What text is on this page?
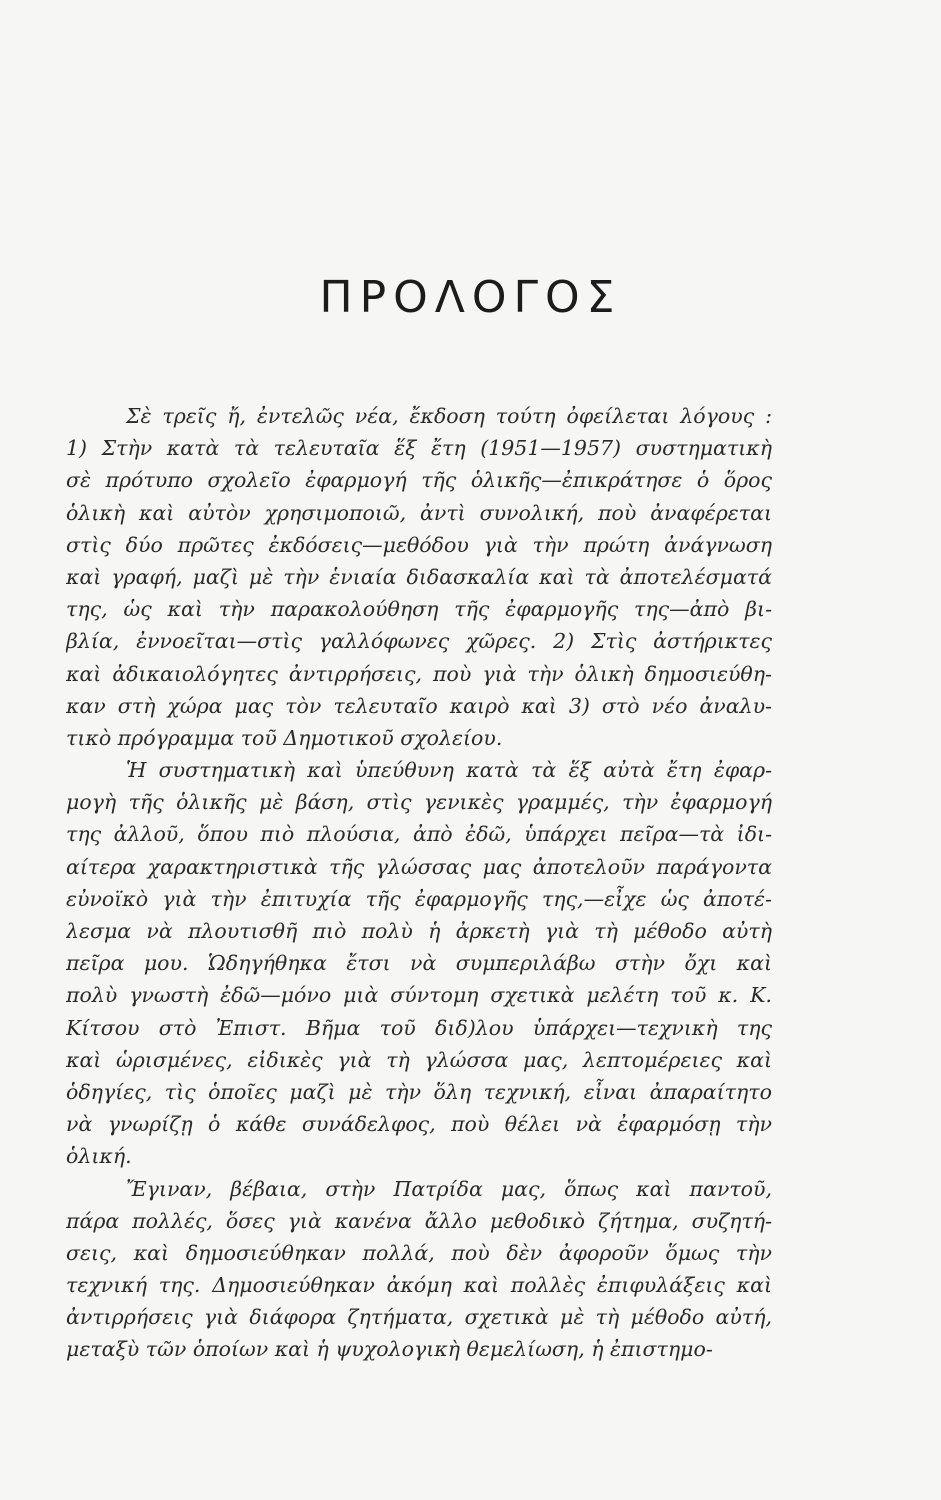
ΠΡΟΛΟΓΟΣ
Σὲ τρεῖς ἤ, ἐντελῶς νέα, ἔκδοση τούτη ὀφείλεται λόγους :
1) Στὴν κατὰ τὰ τελευταῖα ἕξ ἔτη (1951—1957) συστηματικὴ
σὲ πρότυπο σχολεῖο ἐφαρμογή τῆς ὁλικῆς—ἐπικράτησε ὁ ὅρος
ὁλικὴ καὶ αὐτὸν χρησιμοποιῶ, ἀντὶ συνολική, ποὺ ἀναφέρεται
στὶς δύο πρῶτες ἐκδόσεις—μεθόδου γιὰ τὴν πρώτη ἀνάγνωση
καὶ γραφή, μαζὶ μὲ τὴν ἑνιαία διδασκαλία καὶ τὰ ἀποτελέσματά
της, ὡς καὶ τὴν παρακολούθηση τῆς ἐφαρμογῆς της—ἀπὸ βι-
βλία, ἐννοεῖται—στὶς γαλλόφωνες χῶρες. 2) Στὶς ἀστήρικτες
καὶ ἀδικαιολόγητες ἀντιρρήσεις, ποὺ γιὰ τὴν ὁλικὴ δημοσιεύθη-
καν στὴ χώρα μας τὸν τελευταῖο καιρὸ καὶ 3) στὸ νέο ἀναλυ-
τικὸ πρόγραμμα τοῦ Δημοτικοῦ σχολείου.
Ἡ συστηματικὴ καὶ ὑπεύθυνη κατὰ τὰ ἕξ αὐτὰ ἔτη ἐφαρ-
μογὴ τῆς ὁλικῆς μὲ βάση, στὶς γενικὲς γραμμές, τὴν ἐφαρμογή
της ἀλλοῦ, ὅπου πιὸ πλούσια, ἀπὸ ἐδῶ, ὑπάρχει πεῖρα—τὰ ἰδι-
αίτερα χαρακτηριστικὰ τῆς γλώσσας μας ἀποτελοῦν παράγοντα
εὐνοϊκὸ γιὰ τὴν ἐπιτυχία τῆς ἐφαρμογῆς της,—εἶχε ὡς ἀποτέ-
λεσμα νὰ πλουτισθῆ πιὸ πολὺ ἡ ἀρκετὴ γιὰ τὴ μέθοδο αὐτὴ
πεῖρα μου. Ὡδηγήθηκα ἔτσι νὰ συμπεριλάβω στὴν ὄχι καὶ
πολὺ γνωστὴ ἐδῶ—μόνο μιὰ σύντομη σχετικὰ μελέτη τοῦ κ. Κ.
Κίτσου στὸ Ἐπιστ. Βῆμα τοῦ διδ)λου ὑπάρχει—τεχνικὴ της
καὶ ὡρισμένες, εἰδικὲς γιὰ τὴ γλώσσα μας, λεπτομέρειες καὶ
ὁδηγίες, τὶς ὁποῖες μαζὶ μὲ τὴν ὅλη τεχνική, εἶναι ἀπαραίτητο
νὰ γνωρίζῃ ὁ κάθε συνάδελφος, ποὺ θέλει νὰ ἐφαρμόσῃ τὴν
ὁλική.
Ἔγιναν, βέβαια, στὴν Πατρίδα μας, ὅπως καὶ παντοῦ,
πάρα πολλές, ὅσες γιὰ κανένα ἄλλο μεθοδικὸ ζήτημα, συζητή-
σεις, καὶ δημοσιεύθηκαν πολλά, ποὺ δὲν ἀφοροῦν ὅμως τὴν
τεχνική της. Δημοσιεύθηκαν ἀκόμη καὶ πολλὲς ἐπιφυλάξεις καὶ
ἀντιρρήσεις γιὰ διάφορα ζητήματα, σχετικὰ μὲ τὴ μέθοδο αὐτή,
μεταξὺ τῶν ὁποίων καὶ ἡ ψυχολογικὴ θεμελίωση, ἡ ἐπιστημο-
